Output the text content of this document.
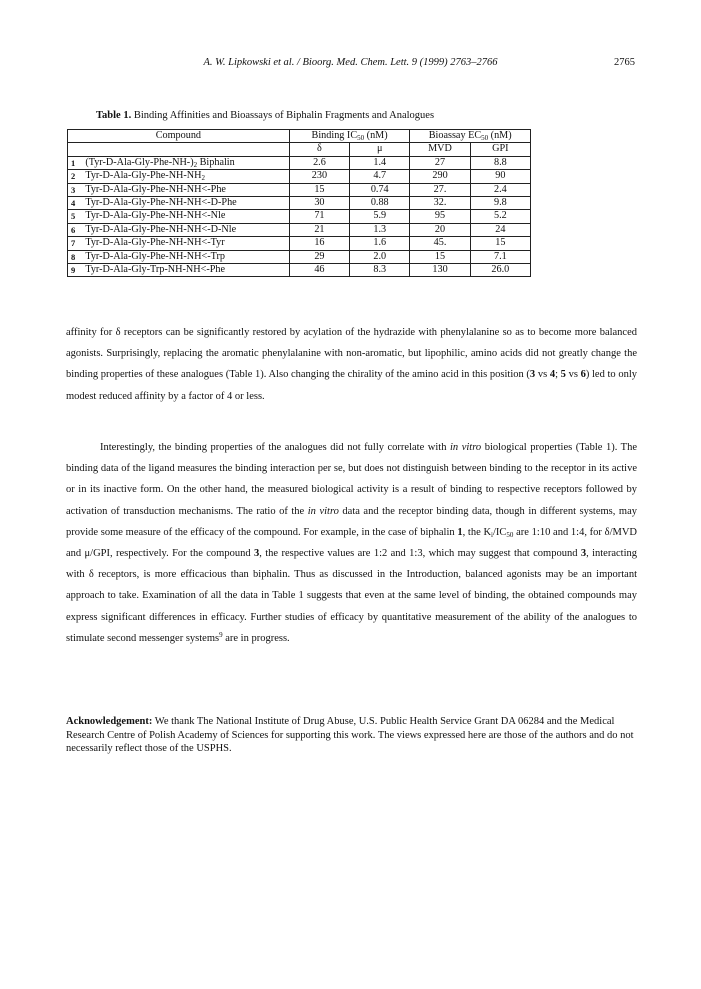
A. W. Lipkowski et al. / Bioorg. Med. Chem. Lett. 9 (1999) 2763–2766	2765
Table 1. Binding Affinities and Bioassays of Biphalin Fragments and Analogues
Compound		Binding $IC_{50}$ (nM)		Bioassay $EC_{50}$ (nM)	
		δ	μ	MVD	GPI
1	$(Tyr-D-Ala-Gly-Phe-NH-)_2$ Biphalin	2.6	1.4	27	8.8
2	Tyr-$D-Ala-Gly-Phe-NH-NH_2$	230	4.7	290	90
3	Tyr-D-Ala-Gly-Phe-NH-NH<-Phe	15	0.74	27.	2.4
4	Tyr-D-Ala-Gly-Phe-NH-NH<-D-Phe	30	0.88	32.	9.8
5	Tyr-D-Ala-Gly-Phe-NH-NH<-Nle	71	5.9	95	5.2
6	Tyr-D-Ala-Gly-Phe-NH-NH<-D-Nle	21	1.3	20	24
7	Tyr-D-Ala-Gly-Phe-NH-NH<-Tyr	16	1.6	45.	15
8	Tyr-D-Ala-Gly-Phe-NH-NH<-Trp	29	2.0	15	7.1
9	Tyr-D-Ala-Gly-Trp-NH-NH<-Phe	46	8.3	130	26.0

affinity for δ receptors can be significantly restored by acylation of the hydrazide with phenylalanine so as to become more balanced agonists. Surprisingly, replacing the aromatic phenylalanine with non-aromatic, but lipophilic, amino acids did not greatly change the binding properties of these analogues (Table 1). Also changing the chirality of the amino acid in this position (3 vs 4; 5 vs 6) led to only modest reduced affinity by a factor of 4 or less.

Interestingly, the binding properties of the analogues did not fully correlate with in vitro biological properties (Table 1). The binding data of the ligand measures the binding interaction per se, but does not distinguish between binding to the receptor in its active or in its inactive form. On the other hand, the measured biological activity is a result of binding to respective receptors followed by activation of transduction mechanisms. The ratio of the in vitro data and the receptor binding data, though in different systems, may provide some measure of the efficacy of the compound. For example, in the case of biphalin 1, the $K_i/IC_{50}$ are 1:10 and 1:4, for δ/MVD and μ/GPI, respectively. For the compound 3, the respective values are 1:2 and 1:3, which may suggest that compound 3, interacting with δ receptors, is more efficacious than biphalin. Thus as discussed in the Introduction, balanced agonists may be an important approach to take. Examination of all the data in Table 1 suggests that even at the same level of binding, the obtained compounds may express significant differences in efficacy. Further studies of efficacy by quantitative measurement of the ability of the analogues to stimulate second messenger systems$^9$ are in progress.

Acknowledgement: We thank The National Institute of Drug Abuse, U.S. Public Health Service Grant DA 06284 and the Medical Research Centre of Polish Academy of Sciences for supporting this work. The views expressed here are those of the authors and do not necessarily reflect those of the USPHS.
